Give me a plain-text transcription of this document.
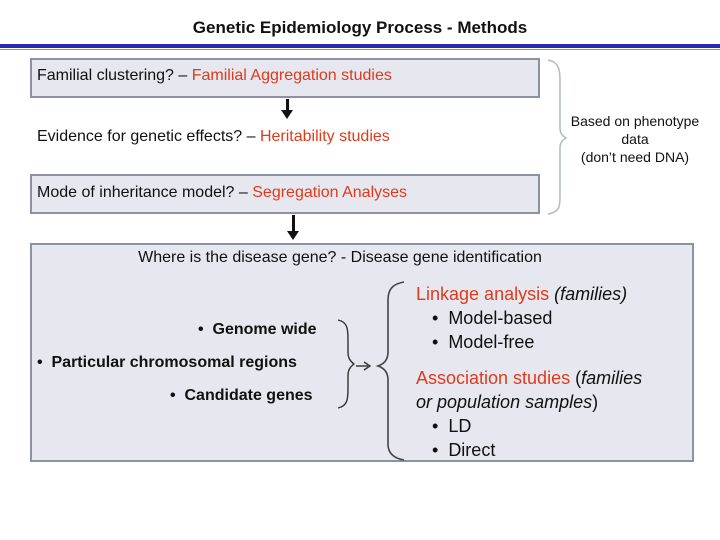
Genetic Epidemiology Process - Methods
Familial clustering? – Familial Aggregation studies
Evidence for genetic effects? – Heritability studies
Mode of inheritance model? – Segregation Analyses
Based on phenotype
data
(don’t need DNA)
Where is the disease gene? - Disease gene identification
•  Genome wide
•  Particular chromosomal regions
•  Candidate genes
Linkage analysis (families)
•  Model-based
•  Model-free
Association studies (families
or population samples)
•  LD
•  Direct
